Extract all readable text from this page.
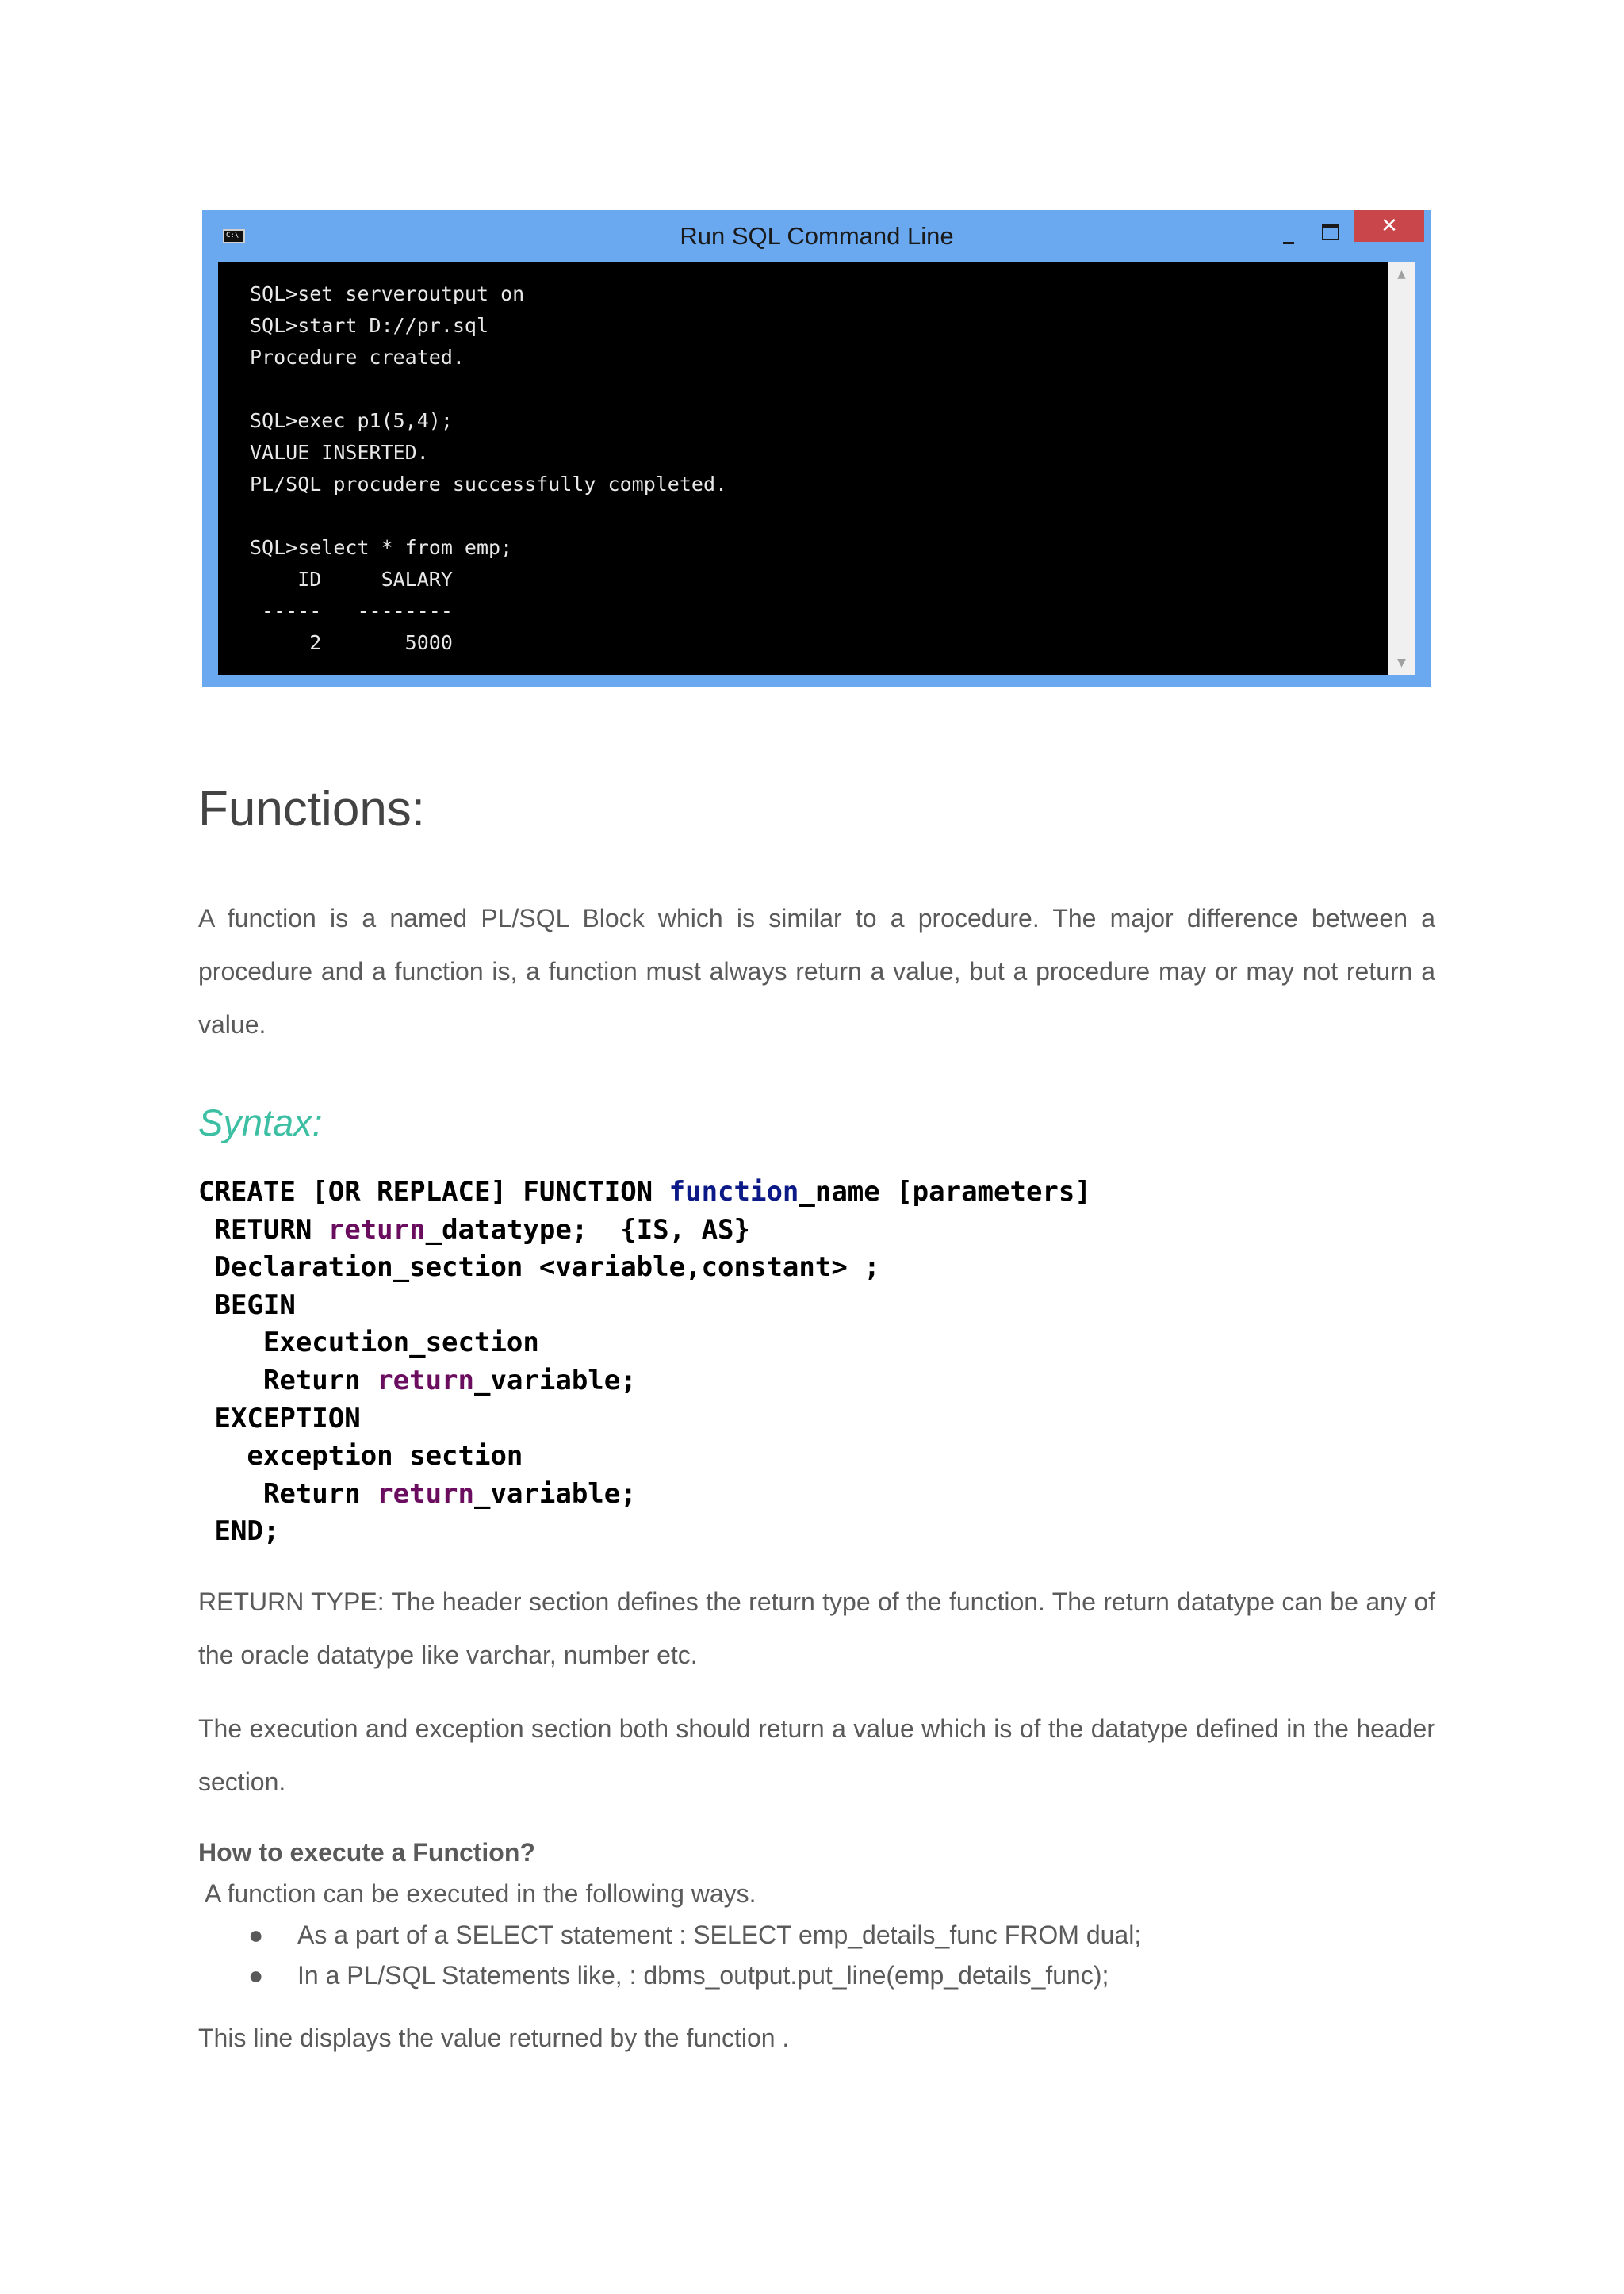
C:\	Run SQL Command Line	✕
SQL>set serveroutput on
SQL>start D://pr.sql
Procedure created.
SQL>exec p1(5,4);
VALUE INSERTED.
PL/SQL procudere successfully completed.
SQL>select * from emp;
ID     SALARY
-----   --------
2       5000
▲
▼
Functions:
A function is a named PL/SQL Block which is similar to a procedure. The major difference between a procedure and a function is, a function must always return a value, but a procedure may or may not return a value.
Syntax:
CREATE [OR REPLACE] FUNCTION function_name [parameters]
RETURN return_datatype;  {IS, AS}
Declaration_section <variable,constant> ;
BEGIN
Execution_section
Return return_variable;
EXCEPTION
exception section
Return return_variable;
END;
RETURN TYPE: The header section defines the return type of the function. The return datatype can be any of the oracle datatype like varchar, number etc.
The execution and exception section both should return a value which is of the datatype defined in the header section.
How to execute a Function?
A function can be executed in the following ways.
● As a part of a SELECT statement : SELECT emp_details_func FROM dual;
● In a PL/SQL Statements like, : dbms_output.put_line(emp_details_func);
This line displays the value returned by the function .
